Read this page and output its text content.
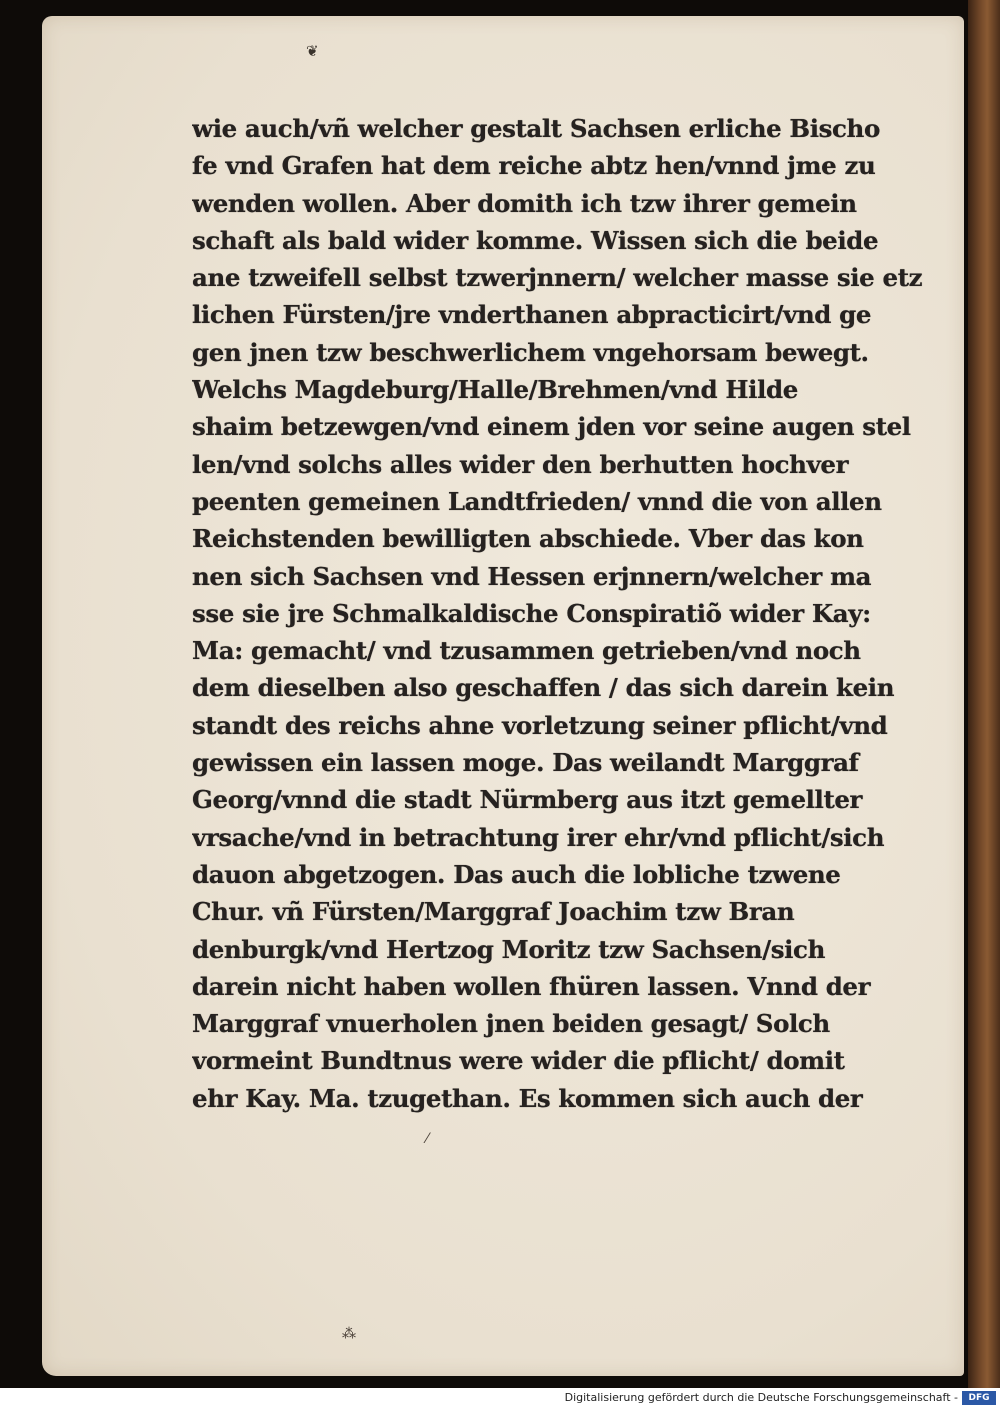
❦
wie auch/vñ welcher gestalt Sachsen erliche Bischo
fe vnd Grafen hat dem reiche abtz hen/vnnd jme zu
wenden wollen. Aber domith ich tzw ihrer gemein
schaft als bald wider komme. Wissen sich die beide
ane tzweifell selbst tzwerjnnern/ welcher masse sie etz
lichen Fürsten/jre vnderthanen abpracticirt/vnd ge
gen jnen tzw beschwerlichem vngehorsam bewegt.
Welchs Magdeburg/Halle/Brehmen/vnd Hilde
shaim betzewgen/vnd einem jden vor seine augen stel
len/vnd solchs alles wider den berhutten hochver
peenten gemeinen Landtfrieden/ vnnd die von allen
Reichstenden bewilligten abschiede. Vber das kon
nen sich Sachsen vnd Hessen erjnnern/welcher ma
sse sie jre Schmalkaldische Conspiratiõ wider Kay:
Ma: gemacht/ vnd tzusammen getrieben/vnd noch
dem dieselben also geschaffen / das sich darein kein
standt des reichs ahne vorletzung seiner pflicht/vnd
gewissen ein lassen moge. Das weilandt Marggraf
Georg/vnnd die stadt Nürmberg aus itzt gemellter
vrsache/vnd in betrachtung irer ehr/vnd pflicht/sich
dauon abgetzogen. Das auch die lobliche tzwene
Chur. vñ Fürsten/Marggraf Joachim tzw Bran
denburgk/vnd Hertzog Moritz tzw Sachsen/sich
darein nicht haben wollen fhüren lassen. Vnnd der
Marggraf vnuerholen jnen beiden gesagt/ Solch
vormeint Bundtnus were wider die pflicht/ domit
ehr Kay. Ma. tzugethan. Es kommen sich auch der
⁄
⁂
Digitalisierung gefördert durch die Deutsche Forschungsgemeinschaft -	DFG
